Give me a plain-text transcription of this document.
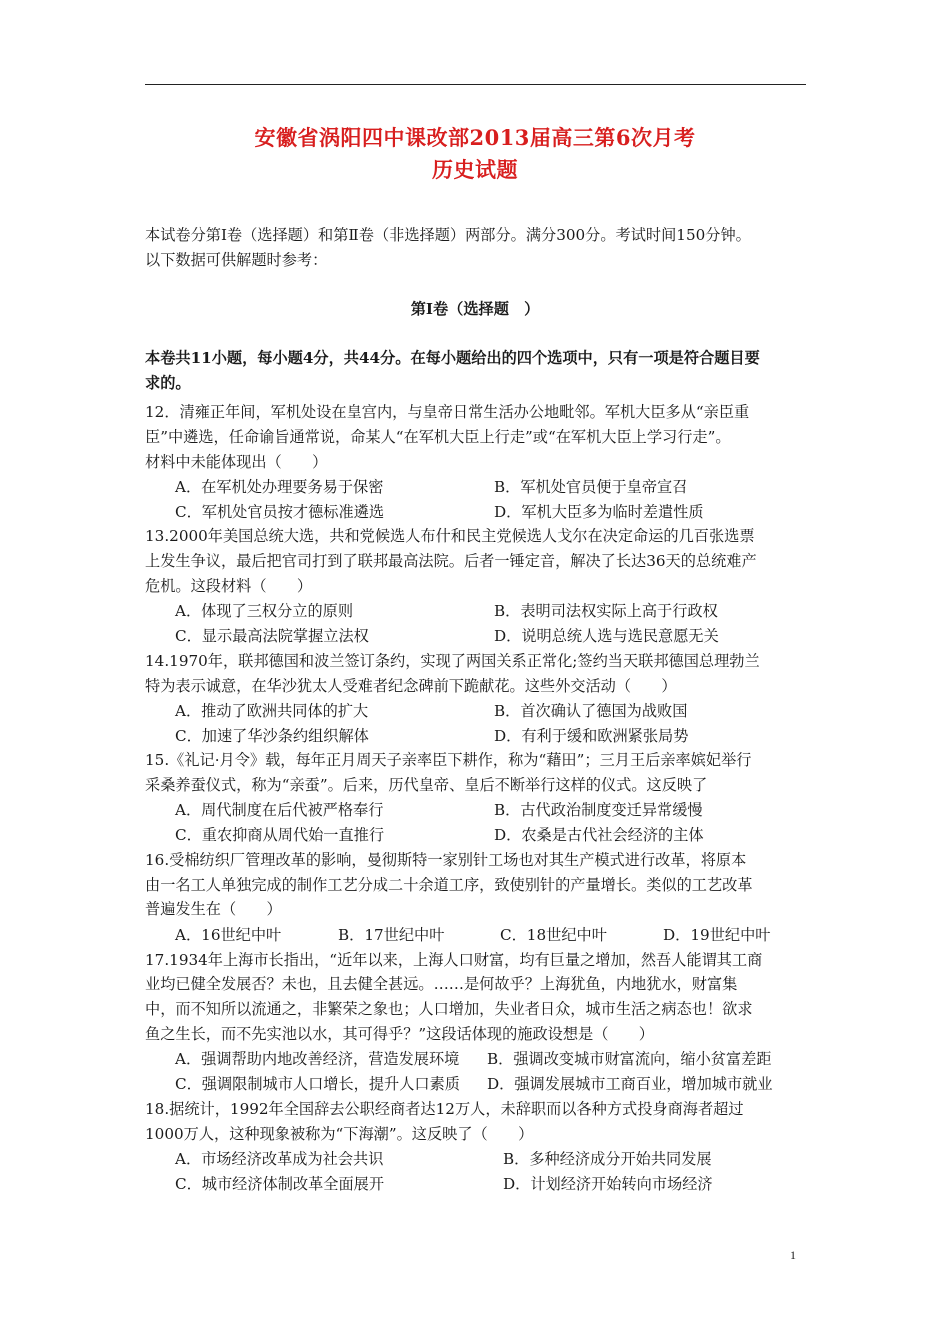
安徽省涡阳四中课改部2013届高三第6次月考
历史试题
本试卷分第Ⅰ卷（选择题）和第Ⅱ卷（非选择题）两部分。满分300分。考试时间150分钟。
以下数据可供解题时参考：
第Ⅰ卷（选择题　）
本卷共11小题，每小题4分，共44分。在每小题给出的四个选项中，只有一项是符合题目要
求的。
12．清雍正年间，军机处设在皇宫内，与皇帝日常生活办公地毗邻。军机大臣多从“亲臣重
臣”中遴选，任命谕旨通常说，命某人“在军机大臣上行走”或“在军机大臣上学习行走”。
材料中未能体现出（　　）
A．在军机处办理要务易于保密	B．军机处官员便于皇帝宣召
C．军机处官员按才德标准遴选	D．军机大臣多为临时差遣性质
13.2000年美国总统大选，共和党候选人布什和民主党候选人戈尔在决定命运的几百张选票
上发生争议，最后把官司打到了联邦最高法院。后者一锤定音，解决了长达36天的总统难产
危机。这段材料（　　）
A．体现了三权分立的原则	B．表明司法权实际上高于行政权
C．显示最高法院掌握立法权	D．说明总统人选与选民意愿无关
14.1970年，联邦德国和波兰签订条约，实现了两国关系正常化;签约当天联邦德国总理勃兰
特为表示诚意，在华沙犹太人受难者纪念碑前下跪献花。这些外交活动（　　）
A．推动了欧洲共同体的扩大	B．首次确认了德国为战败国
C．加速了华沙条约组织解体	D．有利于缓和欧洲紧张局势
15.《礼记·月令》载，每年正月周天子亲率臣下耕作，称为“藉田”；三月王后亲率嫔妃举行
采桑养蚕仪式，称为“亲蚕”。后来，历代皇帝、皇后不断举行这样的仪式。这反映了
A．周代制度在后代被严格奉行	B．古代政治制度变迁异常缓慢
C．重农抑商从周代始一直推行	D．农桑是古代社会经济的主体
16.受棉纺织厂管理改革的影响，曼彻斯特一家别针工场也对其生产模式进行改革，将原本
由一名工人单独完成的制作工艺分成二十余道工序，致使别针的产量增长。类似的工艺改革
普遍发生在（　　）
A．16世纪中叶	B．17世纪中叶	C．18世纪中叶	D．19世纪中叶
17.1934年上海市长指出，“近年以来，上海人口财富，均有巨量之增加，然吾人能谓其工商
业均已健全发展否？未也，且去健全甚远。……是何故乎？上海犹鱼，内地犹水，财富集
中，而不知所以流通之，非繁荣之象也；人口增加，失业者日众，城市生活之病态也！欲求
鱼之生长，而不先实池以水，其可得乎？”这段话体现的施政设想是（　　）
A．强调帮助内地改善经济，营造发展环境 B．强调改变城市财富流向，缩小贫富差距
C．强调限制城市人口增长，提升人口素质 D．强调发展城市工商百业，增加城市就业
18.据统计，1992年全国辞去公职经商者达12万人，未辞职而以各种方式投身商海者超过
1000万人，这种现象被称为“下海潮”。这反映了（　　）
A．市场经济改革成为社会共识	B．多种经济成分开始共同发展
C．城市经济体制改革全面展开	D．计划经济开始转向市场经济
1
